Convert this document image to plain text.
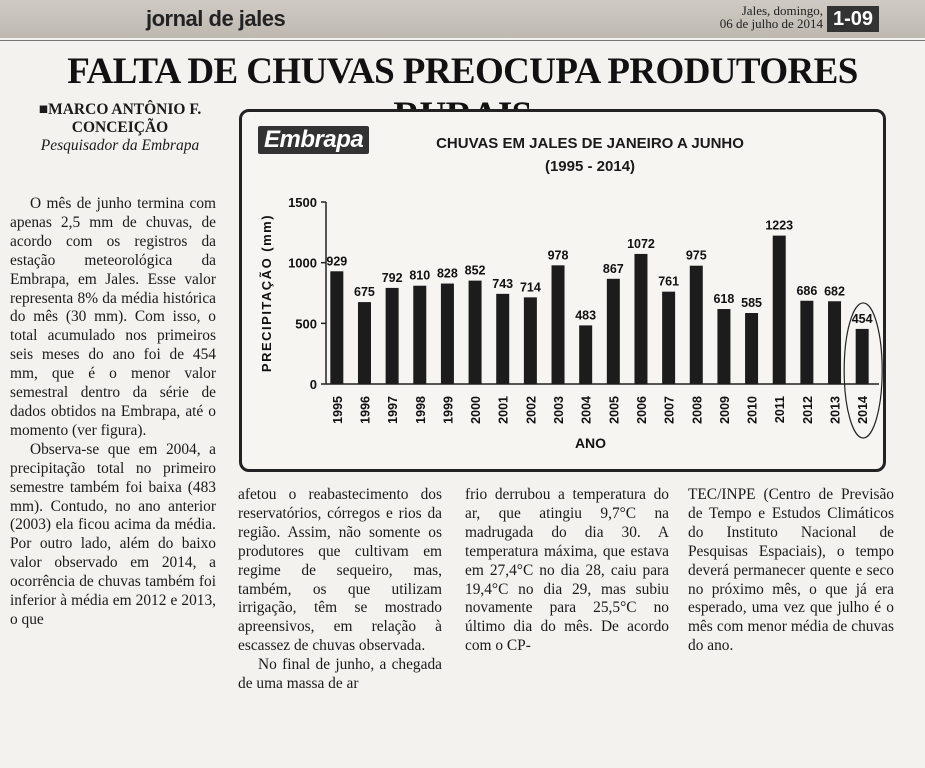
jornal de jales	Jales, domingo,
06 de julho de 2014 1-09
FALTA DE CHUVAS PREOCUPA PRODUTORES
■MARCO ANTÔNIO F. CONCEIÇÃO
Pesquisador da Embrapa

O mês de junho termina com apenas 2,5 mm de chuvas, de acordo com os registros da estação meteorológica da Embrapa, em Jales. Esse valor representa 8% da média histórica do mês (30 mm). Com isso, o total acumulado nos primeiros seis meses do ano foi de 454 mm, que é o menor valor semestral dentro da série de dados obtidos na Embrapa, até o momento (ver figura).

Observa-se que em 2004, a precipitação total no primeiro semestre também foi baixa (483 mm). Contudo, no ano anterior (2003) ela ficou acima da média. Por outro lado, além do baixo valor observado em 2014, a ocorrência de chuvas também foi inferior à média em 2012 e 2013, o que

afetou o reabastecimento dos reservatórios, córregos e rios da região. Assim, não somente os produtores que cultivam em regime de sequeiro, mas, também, os que utilizam irrigação, têm se mostrado apreensivos, em relação à escassez de chuvas observada.

No final de junho, a chegada de uma massa de ar

frio derrubou a temperatura do ar, que atingiu 9,7°C na madrugada do dia 30. A temperatura máxima, que estava em 27,4°C no dia 28, caiu para 19,4°C no dia 29, mas subiu novamente para 25,5°C no último dia do mês. De acordo com o CP-

TEC/INPE (Centro de Previsão de Tempo e Estudos Climáticos do Instituto Nacional de Pesquisas Espaciais), o tempo deverá permanecer quente e seco no próximo mês, o que já era esperado, uma vez que julho é o mês com menor média de chuvas do ano.

Embrapa	CHUVAS EM JALES DE JANEIRO A JUNHO
(1995 - 2014)
0
500
1000
1500
PRECIPITAÇÃO (mm)	929
1995
675
1996
792
1997
810
1998
828
1999
852
2000
743
2001
714
2002
978
2003
483
2004
867
2005
1072
2006
761
2007
975
2008
618
2009
585
2010
1223
2011
686
2012
682
2013
454
2014
ANO
